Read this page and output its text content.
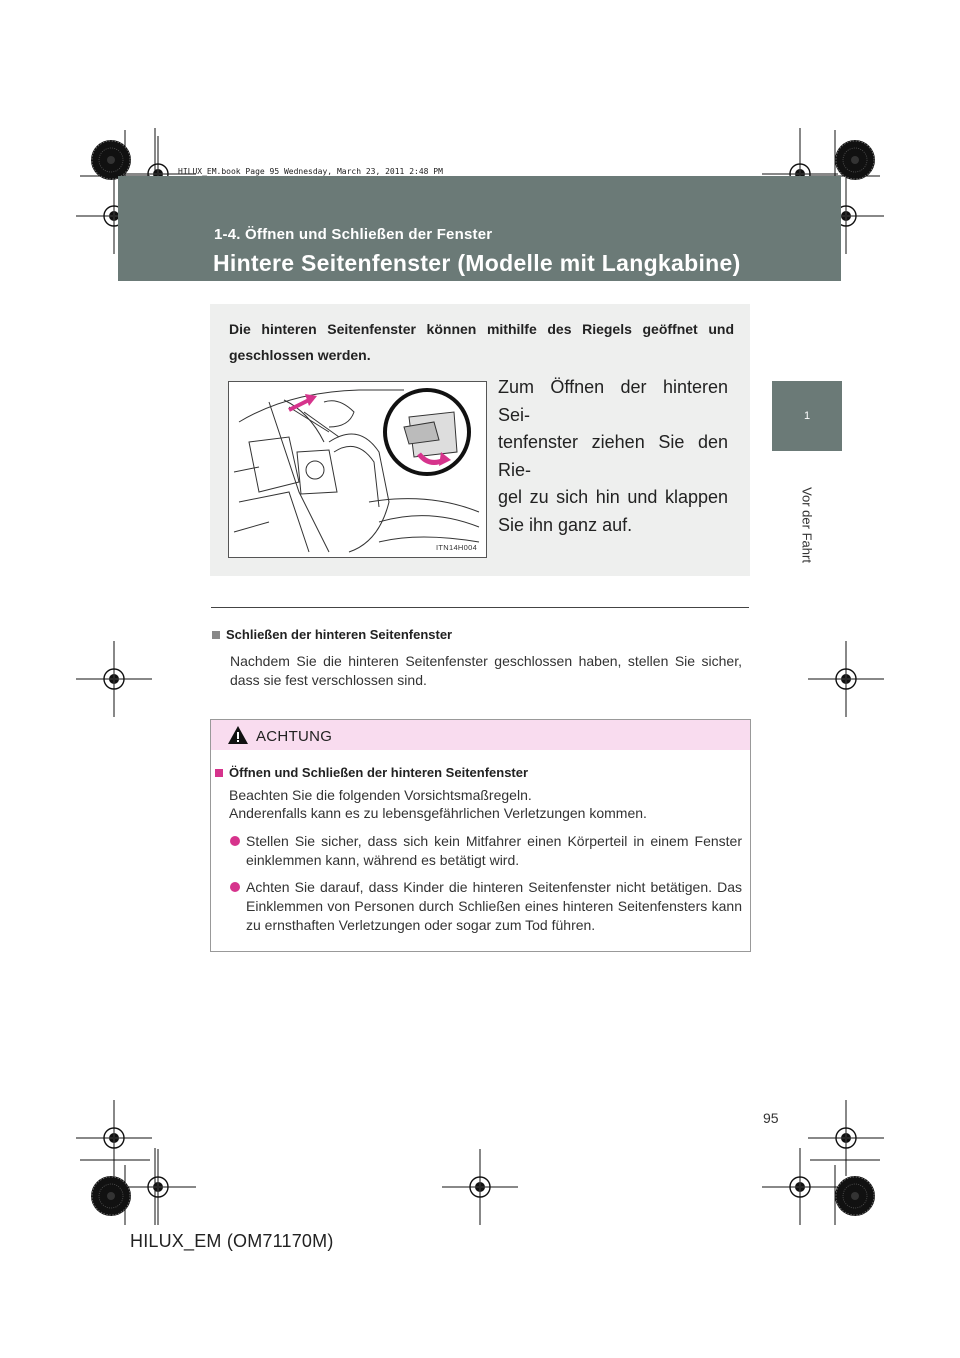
HILUX_EM.book Page 95 Wednesday, March 23, 2011 2:48 PM
1-4. Öffnen und Schließen der Fenster
Hintere Seitenfenster (Modelle mit Langkabine)
1
Vor der Fahrt
Die hinteren Seitenfenster können mithilfe des Riegels geöffnet und geschlossen werden.
Zum Öffnen der hinteren Sei-
tenfenster ziehen Sie den Rie-
gel zu sich hin und klappen
Sie ihn ganz auf.
ITN14H004
Schließen der hinteren Seitenfenster
Nachdem Sie die hinteren Seitenfenster geschlossen haben, stellen Sie sicher, dass sie fest verschlossen sind.
ACHTUNG
Öffnen und Schließen der hinteren Seitenfenster
Beachten Sie die folgenden Vorsichtsmaßregeln.
Anderenfalls kann es zu lebensgefährlichen Verletzungen kommen.
Stellen Sie sicher, dass sich kein Mitfahrer einen Körperteil in einem Fenster einklemmen kann, während es betätigt wird.
Achten Sie darauf, dass Kinder die hinteren Seitenfenster nicht betätigen. Das Einklemmen von Personen durch Schließen eines hinteren Seitenfensters kann zu ernsthaften Verletzungen oder sogar zum Tod führen.
95
HILUX_EM (OM71170M)
